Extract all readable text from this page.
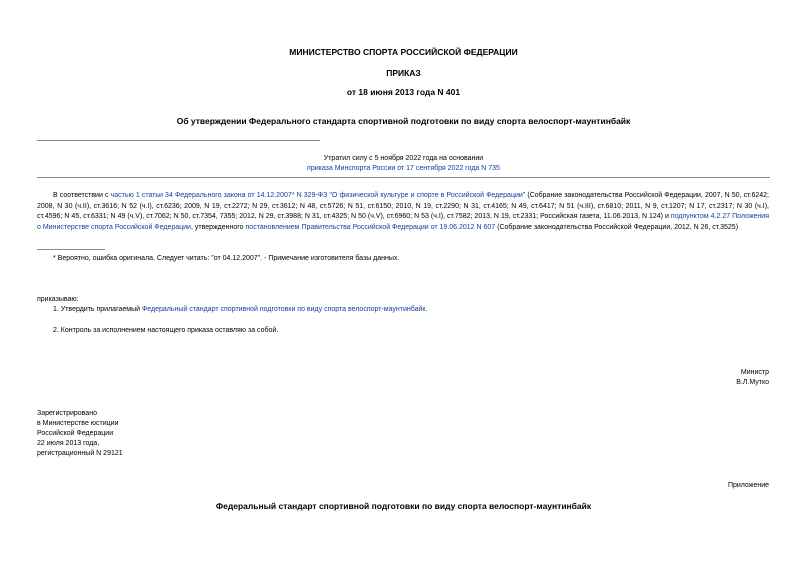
МИНИСТЕРСТВО СПОРТА РОССИЙСКОЙ ФЕДЕРАЦИИ
ПРИКАЗ
от 18 июня 2013 года N 401
Об утверждении Федерального стандарта спортивной подготовки по виду спорта велоспорт-маунтинбайк
Утратил силу с 5 ноября 2022 года на основании
приказа Минспорта России от 17 сентября 2022 года N 735
В соответствии с частью 1 статьи 34 Федерального закона от 14.12.2007* N 329-ФЗ "О физической культуре и спорте в Российской Федерации" (Собрание законодательства Российской Федерации, 2007, N 50, ст.6242; 2008, N 30 (ч.II), ст.3616; N 52 (ч.I), ст.6236; 2009, N 19, ст.2272; N 29, ст.3612; N 48, ст.5726; N 51, ст.6150; 2010, N 19, ст.2290; N 31, ст.4165; N 49, ст.6417; N 51 (ч.III), ст.6810; 2011, N 9, ст.1207; N 17, ст.2317; N 30 (ч.I), ст.4596; N 45, ст.6331; N 49 (ч.V), ст.7062; N 50, ст.7354, 7355; 2012, N 29, ст.3988; N 31, ст.4325; N 50 (ч.V), ст.6960; N 53 (ч.I), ст.7582; 2013, N 19, ст.2331; Российская газета, 11.06.2013, N 124) и подпунктом 4.2.27 Положения о Министерстве спорта Российской Федерации, утвержденного постановлением Правительства Российской Федерации от 19.06.2012 N 607 (Собрание законодательства Российской Федерации, 2012, N 26, ст.3525)
* Вероятно, ошибка оригинала. Следует читать: "от 04.12.2007". - Примечание изготовителя базы данных.
приказываю:
1. Утвердить прилагаемый Федеральный стандарт спортивной подготовки по виду спорта велоспорт-маунтинбайк.
2. Контроль за исполнением настоящего приказа оставляю за собой.
Министр
В.Л.Мутко
Зарегистрировано
в Министерстве юстиции
Российской Федерации
22 июля 2013 года,
регистрационный N 29121
Приложение
Федеральный стандарт спортивной подготовки по виду спорта велоспорт-маунтинбайк
